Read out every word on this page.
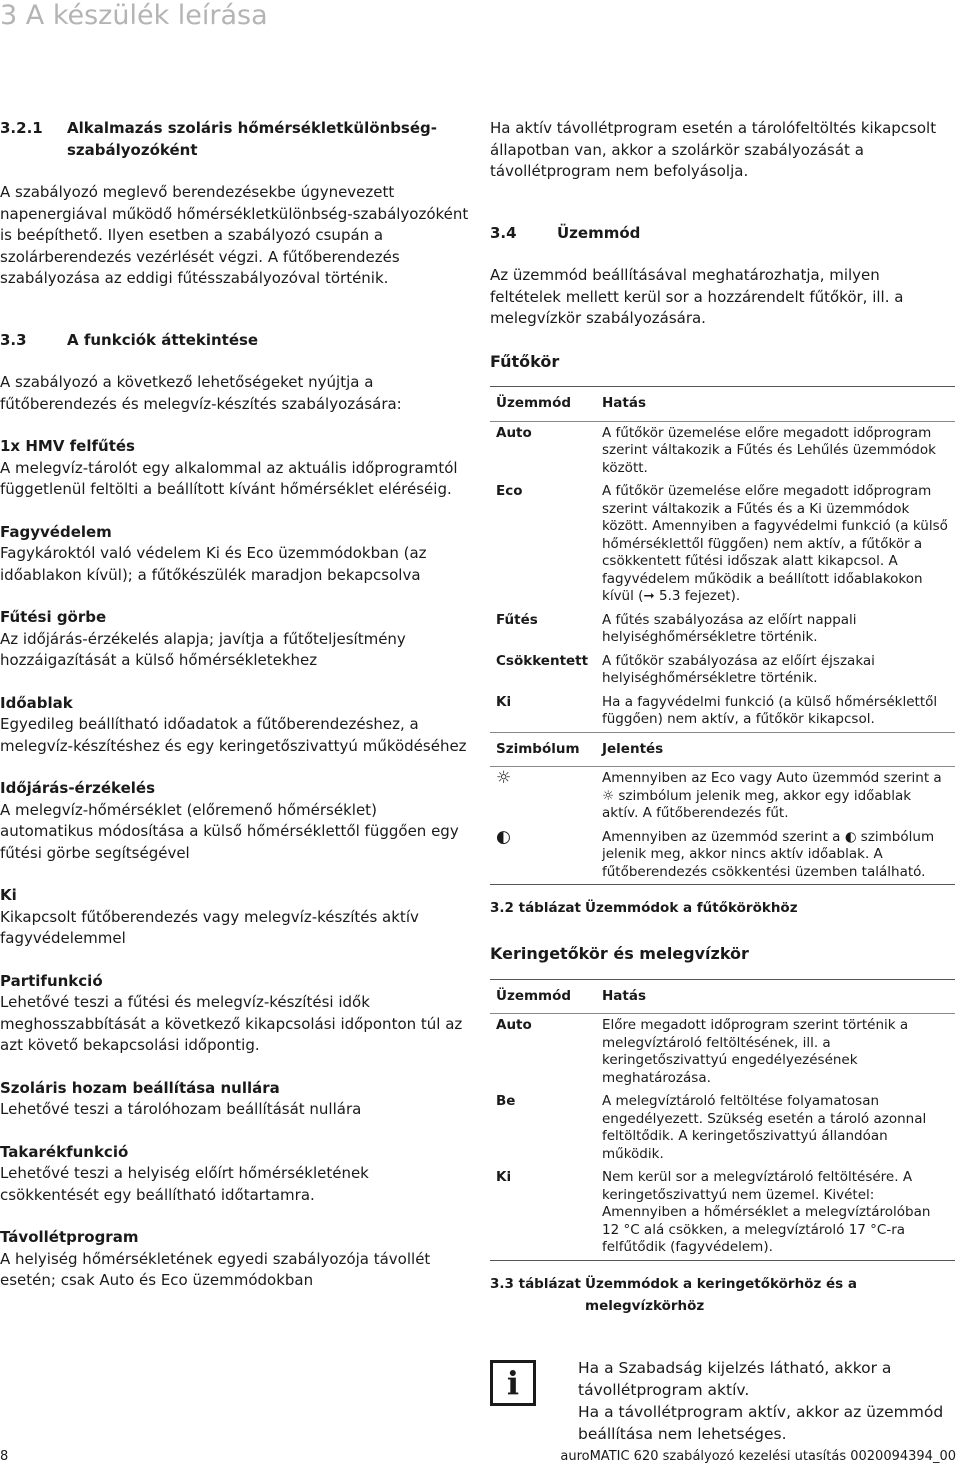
3 A készülék leírása
3.2.1	Alkalmazás szoláris hőmérsékletkülönbség-szabályozóként

A szabályozó meglevő berendezésekbe úgynevezett napenergiával működő hőmérsékletkülönbség-szabályozóként is beépíthető. Ilyen esetben a szabályozó csupán a szolárberendezés vezérlését végzi. A fűtőberendezés szabályozása az eddigi fűtésszabályozóval történik.

3.3	A funkciók áttekintése

A szabályozó a következő lehetőségeket nyújtja a fűtőberendezés és melegvíz-készítés szabályozására:

1x HMV felfűtés

A melegvíz-tárolót egy alkalommal az aktuális időprogramtól függetlenül feltölti a beállított kívánt hőmérséklet eléréséig.

Fagyvédelem

Fagykároktól való védelem Ki és Eco üzemmódokban (az időablakon kívül); a fűtőkészülék maradjon bekapcsolva

Fűtési görbe

Az időjárás-érzékelés alapja; javítja a fűtőteljesítmény hozzáigazítását a külső hőmérsékletekhez

Időablak

Egyedileg beállítható időadatok a fűtőberendezéshez, a melegvíz-készítéshez és egy keringetőszivattyú működéséhez

Időjárás-érzékelés

A melegvíz-hőmérséklet (előremenő hőmérséklet) automatikus módosítása a külső hőmérséklettől függően egy fűtési görbe segítségével

Ki

Kikapcsolt fűtőberendezés vagy melegvíz-készítés aktív fagyvédelemmel

Partifunkció

Lehetővé teszi a fűtési és melegvíz-készítési idők meghosszabbítását a következő kikapcsolási időponton túl az azt követő bekapcsolási időpontig.

Szoláris hozam beállítása nullára

Lehetővé teszi a tárolóhozam beállítását nullára

Takarékfunkció

Lehetővé teszi a helyiség előírt hőmérsékletének csökkentését egy beállítható időtartamra.

Távollétprogram

A helyiség hőmérsékletének egyedi szabályozója távollét esetén; csak Auto és Eco üzemmódokban

Ha aktív távollétprogram esetén a tárolófeltöltés kikapcsolt állapotban van, akkor a szolárkör szabályozását a távollétprogram nem befolyásolja.

3.4	Üzemmód

Az üzemmód beállításával meghatározhatja, milyen feltételek mellett kerül sor a hozzárendelt fűtőkör, ill. a melegvízkör szabályozására.

Fűtőkör
Üzemmód	Hatás
Auto	A fűtőkör üzemelése előre megadott időprogram szerint váltakozik a Fűtés és Lehűlés üzemmódok között.
Eco	A fűtőkör üzemelése előre megadott időprogram szerint váltakozik a Fűtés és a Ki üzemmódok között. Amennyiben a fagyvédelmi funkció (a külső hőmérséklettől függően) nem aktív, a fűtőkör a csökkentett fűtési időszak alatt kikapcsol. A fagyvédelem működik a beállított időablakokon kívül (➞ 5.3 fejezet).
Fűtés	A fűtés szabályozása az előírt nappali helyiséghőmérsékletre történik.
Csökkentett	A fűtőkör szabályozása az előírt éjszakai helyiséghőmérsékletre történik.
Ki	Ha a fagyvédelmi funkció (a külső hőmérséklettől függően) nem aktív, a fűtőkör kikapcsol.
Szimbólum	Jelentés
☼	Amennyiben az Eco vagy Auto üzemmód szerint a ☼ szimbólum jelenik meg, akkor egy időablak aktív. A fűtőberendezés fűt.
◐	Amennyiben az üzemmód szerint a ◐ szimbólum jelenik meg, akkor nincs aktív időablak. A fűtőberendezés csökkentési üzemben található.
3.2 táblázat Üzemmódok a fűtőkörökhöz
Keringetőkör és melegvízkör
Üzemmód	Hatás
Auto	Előre megadott időprogram szerint történik a melegvíztároló feltöltésének, ill. a keringetőszivattyú engedélyezésének meghatározása.
Be	A melegvíztároló feltöltése folyamatosan engedélyezett. Szükség esetén a tároló azonnal feltöltődik. A keringetőszivattyú állandóan működik.
Ki	Nem kerül sor a melegvíztároló feltöltésére. A keringetőszivattyú nem üzemel. Kivétel: Amennyiben a hőmérséklet a melegvíztárolóban 12 °C alá csökken, a melegvíztároló 17 °C-ra felfűtődik (fagyvédelem).
3.3 táblázat Üzemmódok a keringetőkörhöz és a
melegvízkörhöz
i	Ha a Szabadság kijelzés látható, akkor a távollétprogram aktív.

Ha a távollétprogram aktív, akkor az üzemmód beállítása nem lehetséges.

8	auroMATIC 620 szabályozó kezelési utasítás 0020094394_00
